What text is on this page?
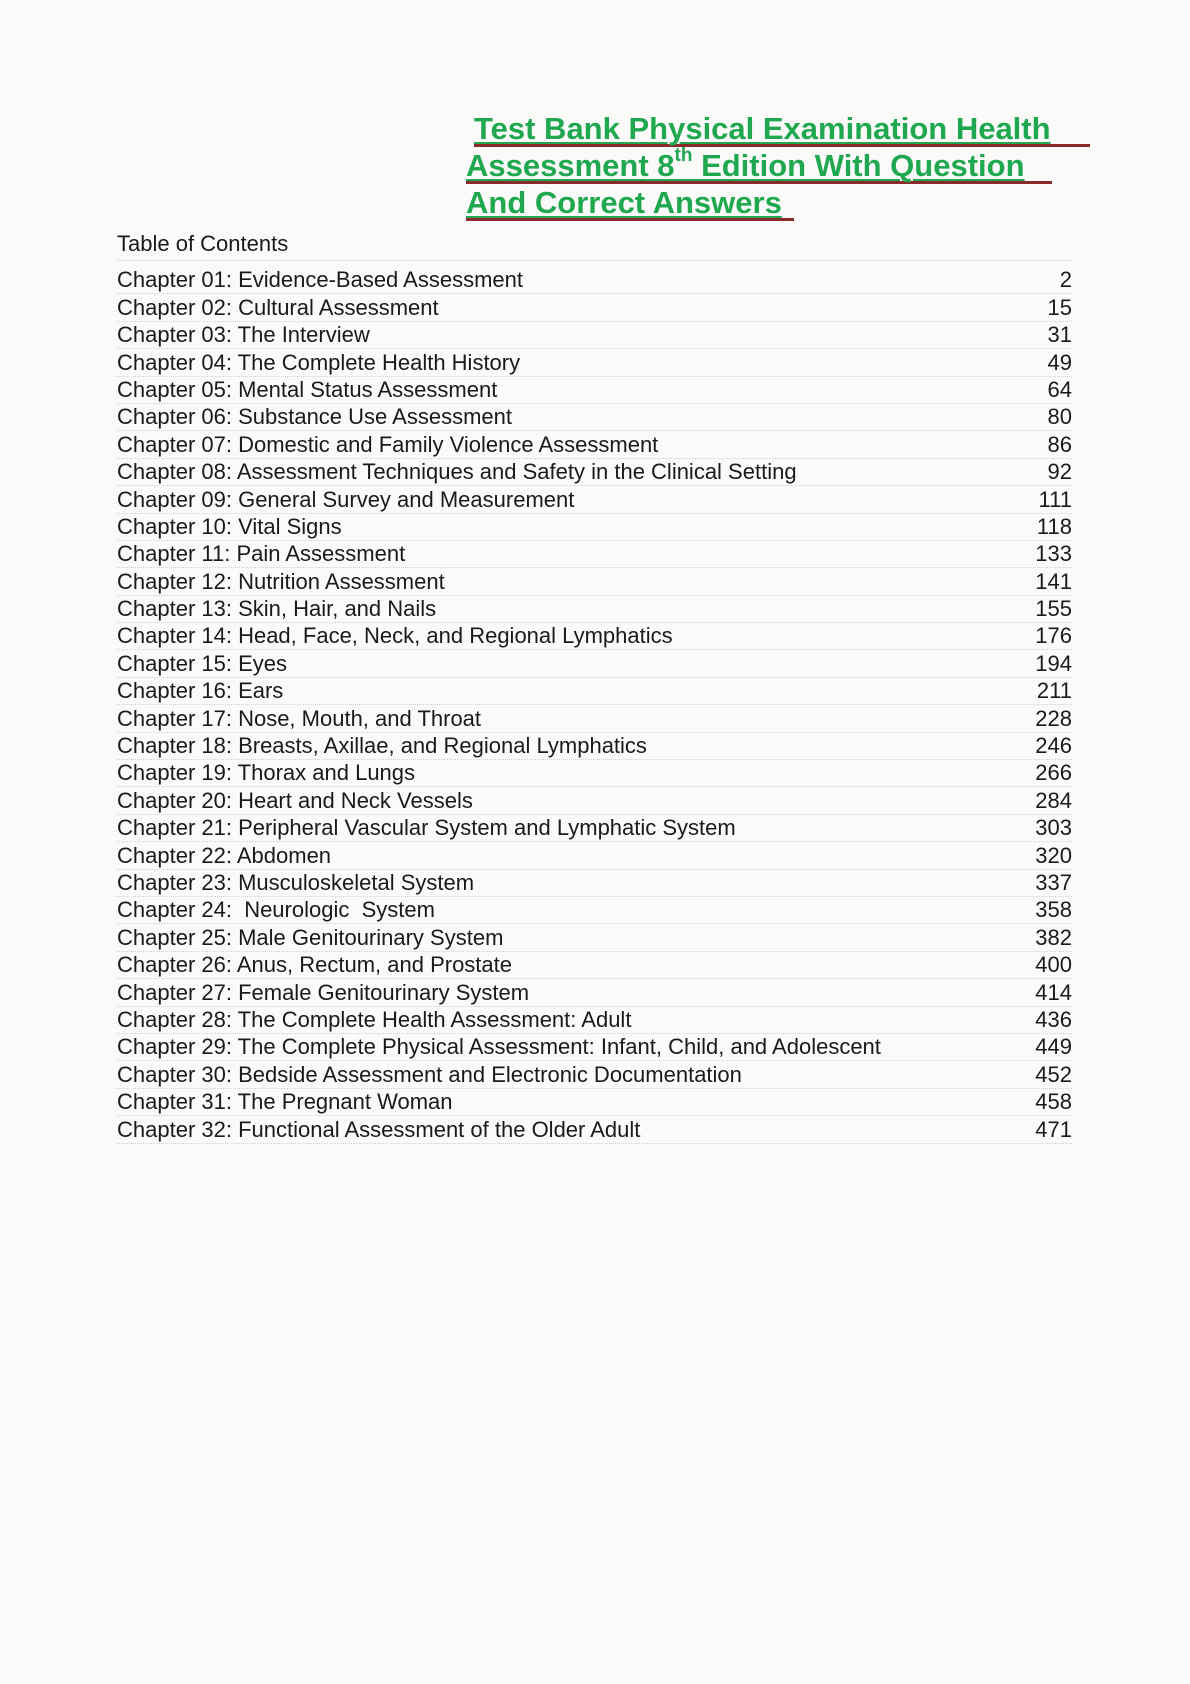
Test Bank Physical Examination Health
Assessment 8th Edition With Question
And Correct Answers
Table of Contents
Chapter 01: Evidence-Based Assessment	2
Chapter 02: Cultural Assessment	15
Chapter 03: The Interview	31
Chapter 04: The Complete Health History	49
Chapter 05: Mental Status Assessment	64
Chapter 06: Substance Use Assessment	80
Chapter 07: Domestic and Family Violence Assessment	86
Chapter 08: Assessment Techniques and Safety in the Clinical Setting	92
Chapter 09: General Survey and Measurement	111
Chapter 10: Vital Signs	118
Chapter 11: Pain Assessment	133
Chapter 12: Nutrition Assessment	141
Chapter 13: Skin, Hair, and Nails	155
Chapter 14: Head, Face, Neck, and Regional Lymphatics	176
Chapter 15: Eyes	194
Chapter 16: Ears	211
Chapter 17: Nose, Mouth, and Throat	228
Chapter 18: Breasts, Axillae, and Regional Lymphatics	246
Chapter 19: Thorax and Lungs	266
Chapter 20: Heart and Neck Vessels	284
Chapter 21: Peripheral Vascular System and Lymphatic System	303
Chapter 22: Abdomen	320
Chapter 23: Musculoskeletal System	337
Chapter 24:  Neurologic  System	358
Chapter 25: Male Genitourinary System	382
Chapter 26: Anus, Rectum, and Prostate	400
Chapter 27: Female Genitourinary System	414
Chapter 28: The Complete Health Assessment: Adult	436
Chapter 29: The Complete Physical Assessment: Infant, Child, and Adolescent	449
Chapter 30: Bedside Assessment and Electronic Documentation	452
Chapter 31: The Pregnant Woman	458
Chapter 32: Functional Assessment of the Older Adult	471
